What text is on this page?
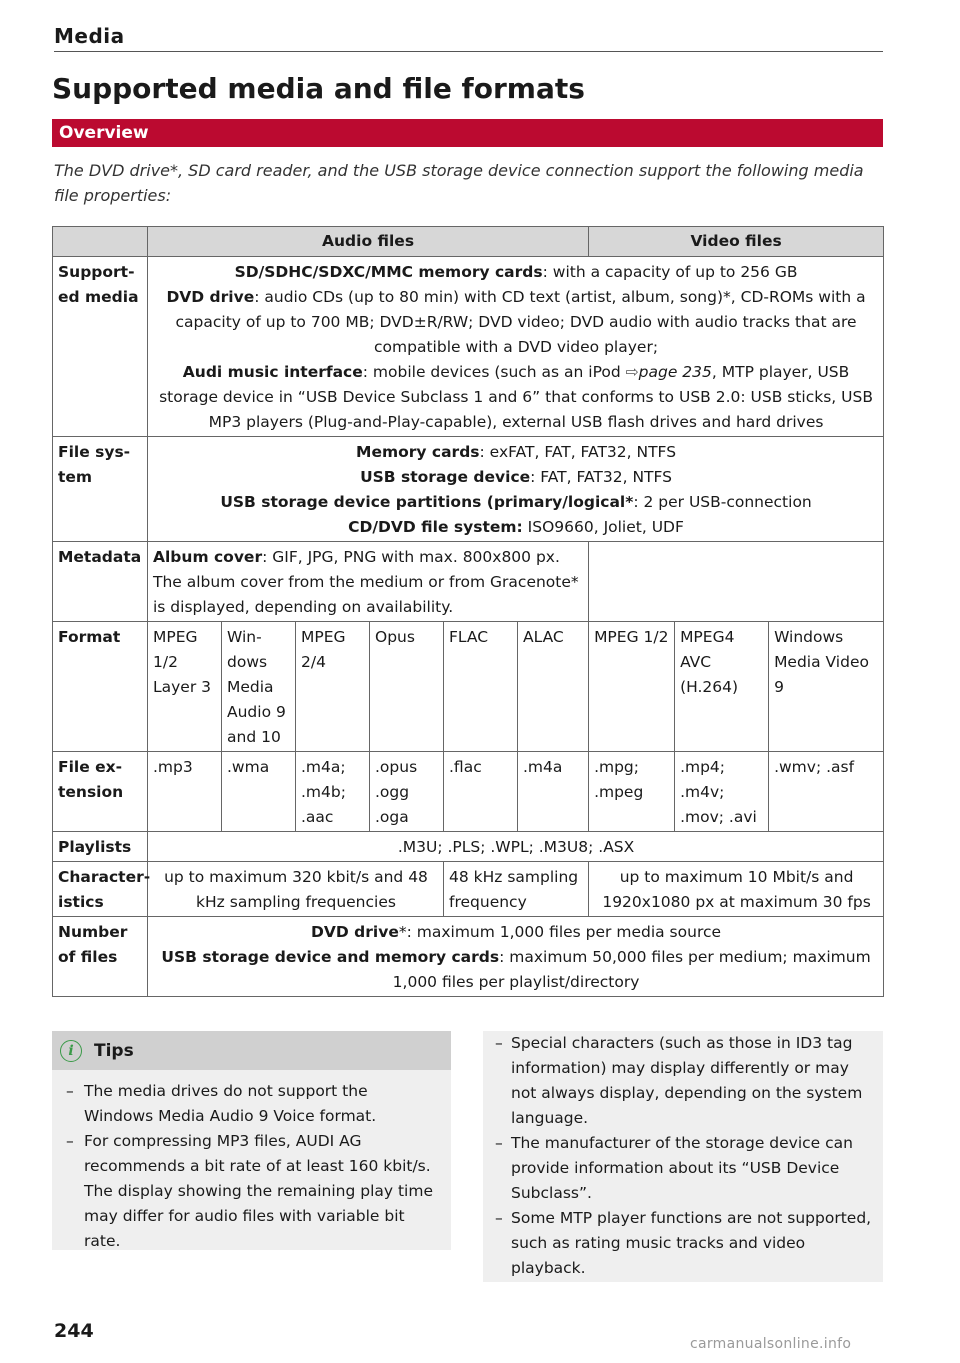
Media
Supported media and file formats
Overview

The DVD drive*, SD card reader, and the USB storage device connection support the following media file properties:

	Audio files						Video files		
Support-ed media	SD/SDHC/SDXC/MMC memory cards: with a capacity of up to 256 GB

DVD drive: audio CDs (up to 80 min) with CD text (artist, album, song)*, CD-ROMs with a capacity of up to 700 MB; DVD±R/RW; DVD video; DVD audio with audio tracks that are compatible with a DVD video player;

Audi music interface: mobile devices (such as an iPod ⇨page 235, MTP player, USB storage device in “USB Device Subclass 1 and 6” that conforms to USB 2.0: USB sticks, USB MP3 players (Plug-and-Play-capable), external USB flash drives and hard drives								

File sys-tem	Memory cards: exFAT, FAT, FAT32, NTFS

USB storage device: FAT, FAT32, NTFS

USB storage device partitions (primary/logical*: 2 per USB-connection

CD/DVD file system: ISO9660, Joliet, UDF								

Metadata	Album cover: GIF, JPG, PNG with max. 800x800 px. The album cover from the medium or from Gracenote* is displayed, depending on availability.								
Format	MPEG 1/2 Layer 3	Win-dows Media Audio 9 and 10	MPEG 2/4	Opus	FLAC	ALAC	MPEG 1/2	MPEG4 AVC (H.264)	Windows Media Video 9
File ex-tension	.mp3	.wma	.m4a; .m4b; .aac	.opus .ogg .oga	.flac	.m4a	.mpg; .mpeg	.mp4; .m4v; .mov; .avi	.wmv; .asf
Playlists	.M3U; .PLS; .WPL; .M3U8; .ASX								
Character-istics	up to maximum 320 kbit/s and 48 kHz sampling frequencies				48 kHz sampling frequency		up to maximum 10 Mbit/s and 1920x1080 px at maximum 30 fps		
Number of files	DVD drive*: maximum 1,000 files per media source

USB storage device and memory cards: maximum 50,000 files per medium; maximum 1,000 files per playlist/directory								

i	Tips
– The media drives do not support the Windows Media Audio 9 Voice format.
– For compressing MP3 files, AUDI AG recommends a bit rate of at least 160 kbit/s. The display showing the remaining play time may differ for audio files with variable bit rate.
– Special characters (such as those in ID3 tag information) may display differently or may not always display, depending on the system language.
– The manufacturer of the storage device can provide information about its “USB Device Subclass”.
– Some MTP player functions are not supported, such as rating music tracks and video playback.
244
carmanualsonline.info
